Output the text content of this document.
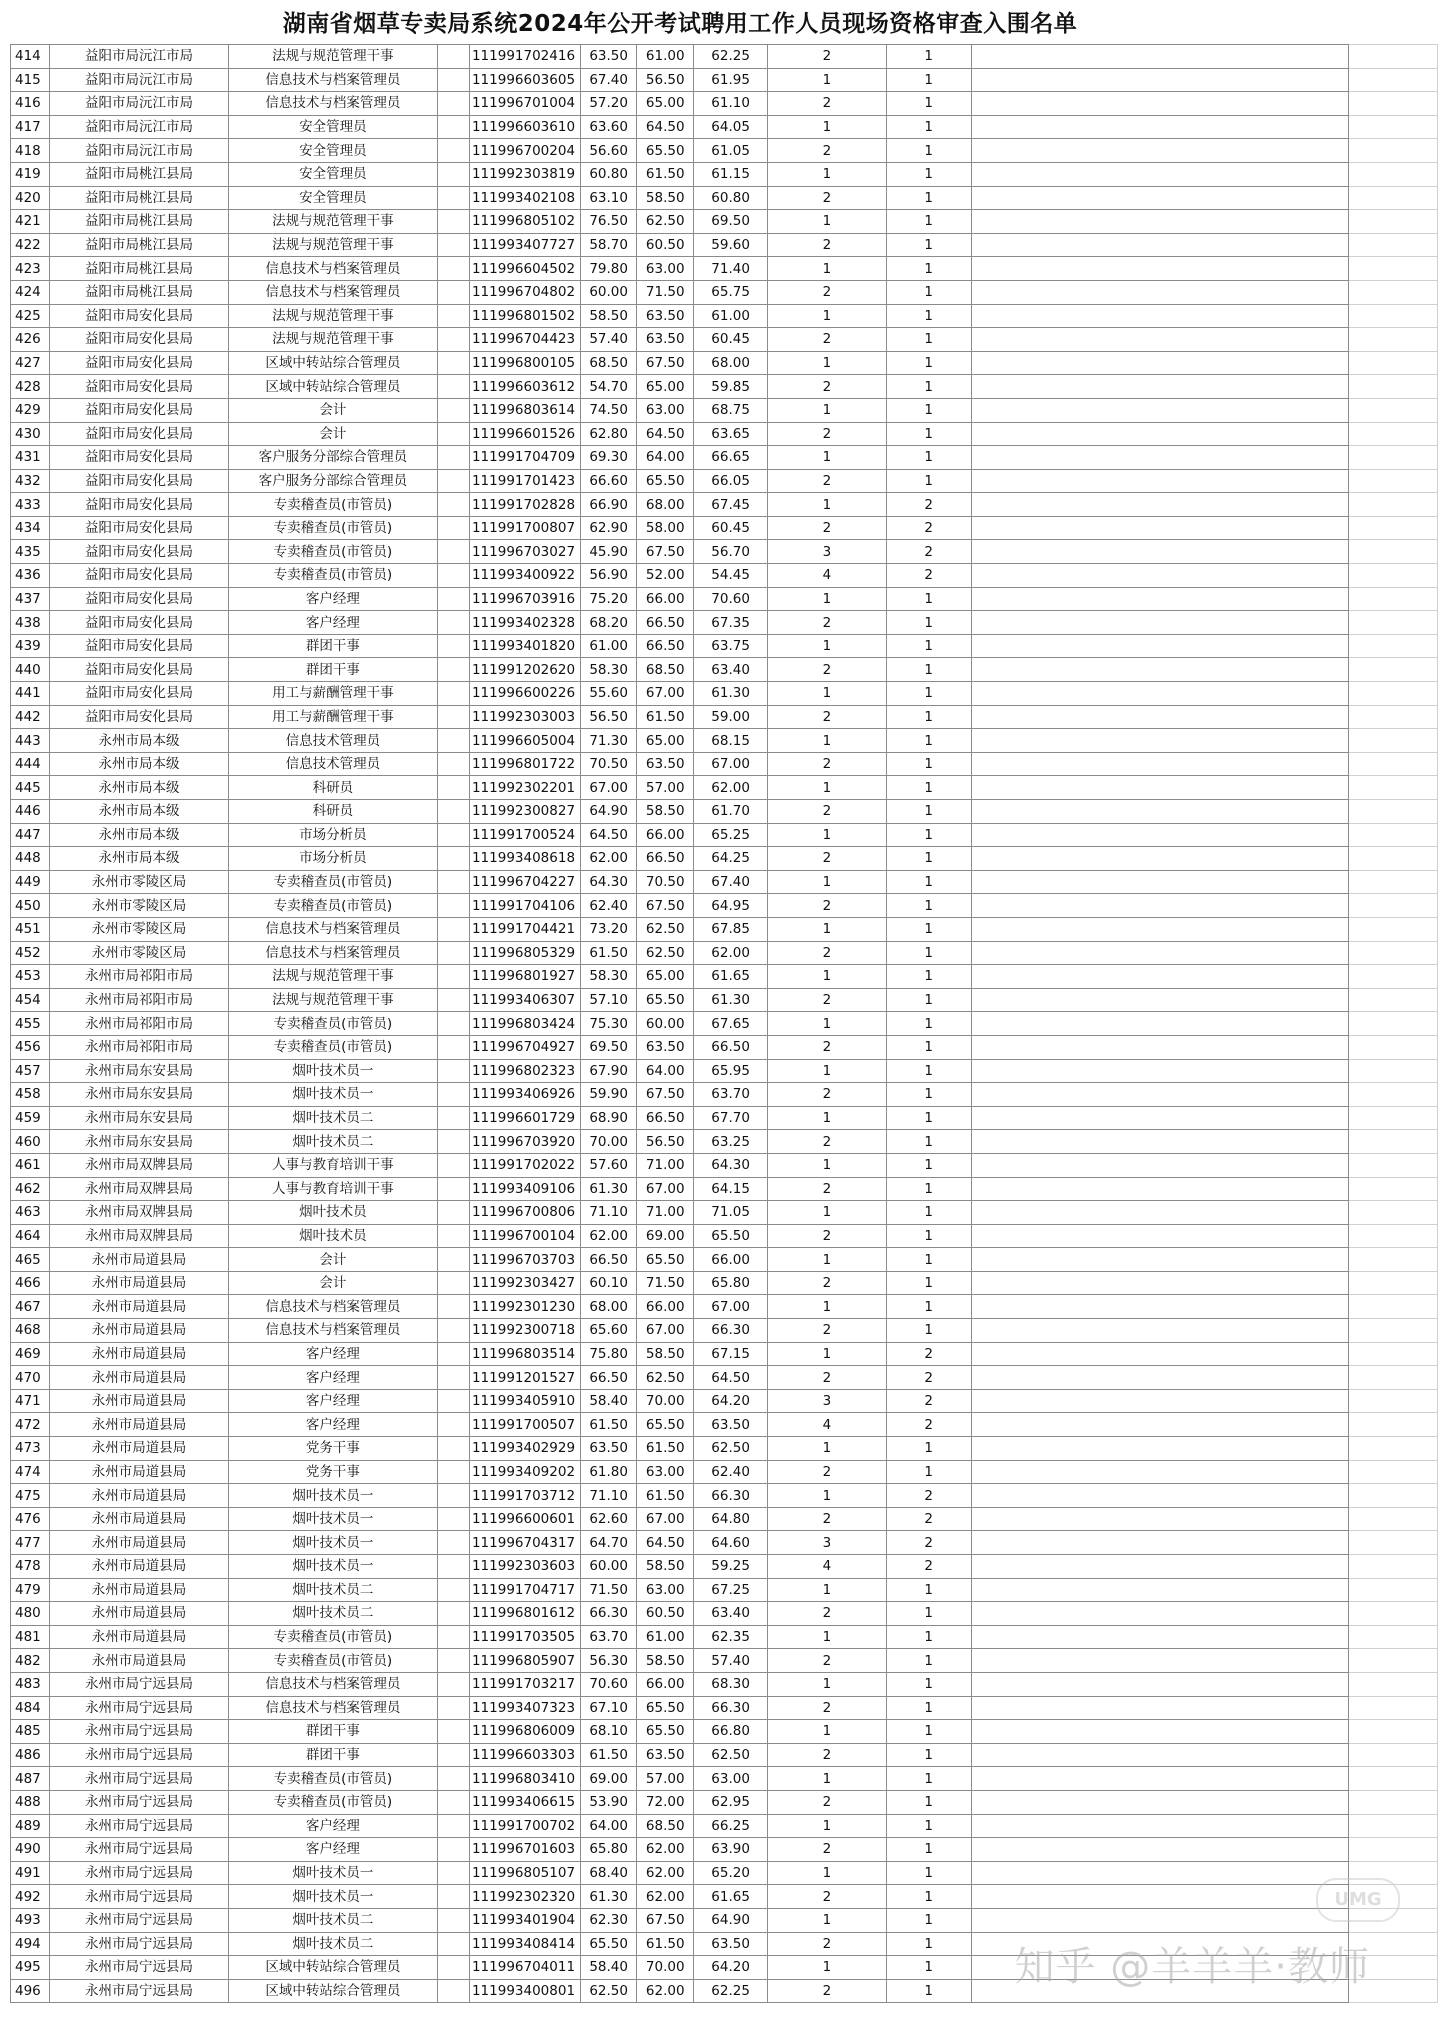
湖南省烟草专卖局系统2024年公开考试聘用工作人员现场资格审查入围名单
414	益阳市局沅江市局	法规与规范管理干事		111991702416	63.50	61.00	62.25	2	1		
415	益阳市局沅江市局	信息技术与档案管理员		111996603605	67.40	56.50	61.95	1	1		
416	益阳市局沅江市局	信息技术与档案管理员		111996701004	57.20	65.00	61.10	2	1		
417	益阳市局沅江市局	安全管理员		111996603610	63.60	64.50	64.05	1	1		
418	益阳市局沅江市局	安全管理员		111996700204	56.60	65.50	61.05	2	1		
419	益阳市局桃江县局	安全管理员		111992303819	60.80	61.50	61.15	1	1		
420	益阳市局桃江县局	安全管理员		111993402108	63.10	58.50	60.80	2	1		
421	益阳市局桃江县局	法规与规范管理干事		111996805102	76.50	62.50	69.50	1	1		
422	益阳市局桃江县局	法规与规范管理干事		111993407727	58.70	60.50	59.60	2	1		
423	益阳市局桃江县局	信息技术与档案管理员		111996604502	79.80	63.00	71.40	1	1		
424	益阳市局桃江县局	信息技术与档案管理员		111996704802	60.00	71.50	65.75	2	1		
425	益阳市局安化县局	法规与规范管理干事		111996801502	58.50	63.50	61.00	1	1		
426	益阳市局安化县局	法规与规范管理干事		111996704423	57.40	63.50	60.45	2	1		
427	益阳市局安化县局	区域中转站综合管理员		111996800105	68.50	67.50	68.00	1	1		
428	益阳市局安化县局	区域中转站综合管理员		111996603612	54.70	65.00	59.85	2	1		
429	益阳市局安化县局	会计		111996803614	74.50	63.00	68.75	1	1		
430	益阳市局安化县局	会计		111996601526	62.80	64.50	63.65	2	1		
431	益阳市局安化县局	客户服务分部综合管理员		111991704709	69.30	64.00	66.65	1	1		
432	益阳市局安化县局	客户服务分部综合管理员		111991701423	66.60	65.50	66.05	2	1		
433	益阳市局安化县局	专卖稽查员(市管员)		111991702828	66.90	68.00	67.45	1	2		
434	益阳市局安化县局	专卖稽查员(市管员)		111991700807	62.90	58.00	60.45	2	2		
435	益阳市局安化县局	专卖稽查员(市管员)		111996703027	45.90	67.50	56.70	3	2		
436	益阳市局安化县局	专卖稽查员(市管员)		111993400922	56.90	52.00	54.45	4	2		
437	益阳市局安化县局	客户经理		111996703916	75.20	66.00	70.60	1	1		
438	益阳市局安化县局	客户经理		111993402328	68.20	66.50	67.35	2	1		
439	益阳市局安化县局	群团干事		111993401820	61.00	66.50	63.75	1	1		
440	益阳市局安化县局	群团干事		111991202620	58.30	68.50	63.40	2	1		
441	益阳市局安化县局	用工与薪酬管理干事		111996600226	55.60	67.00	61.30	1	1		
442	益阳市局安化县局	用工与薪酬管理干事		111992303003	56.50	61.50	59.00	2	1		
443	永州市局本级	信息技术管理员		111996605004	71.30	65.00	68.15	1	1		
444	永州市局本级	信息技术管理员		111996801722	70.50	63.50	67.00	2	1		
445	永州市局本级	科研员		111992302201	67.00	57.00	62.00	1	1		
446	永州市局本级	科研员		111992300827	64.90	58.50	61.70	2	1		
447	永州市局本级	市场分析员		111991700524	64.50	66.00	65.25	1	1		
448	永州市局本级	市场分析员		111993408618	62.00	66.50	64.25	2	1		
449	永州市零陵区局	专卖稽查员(市管员)		111996704227	64.30	70.50	67.40	1	1		
450	永州市零陵区局	专卖稽查员(市管员)		111991704106	62.40	67.50	64.95	2	1		
451	永州市零陵区局	信息技术与档案管理员		111991704421	73.20	62.50	67.85	1	1		
452	永州市零陵区局	信息技术与档案管理员		111996805329	61.50	62.50	62.00	2	1		
453	永州市局祁阳市局	法规与规范管理干事		111996801927	58.30	65.00	61.65	1	1		
454	永州市局祁阳市局	法规与规范管理干事		111993406307	57.10	65.50	61.30	2	1		
455	永州市局祁阳市局	专卖稽查员(市管员)		111996803424	75.30	60.00	67.65	1	1		
456	永州市局祁阳市局	专卖稽查员(市管员)		111996704927	69.50	63.50	66.50	2	1		
457	永州市局东安县局	烟叶技术员一		111996802323	67.90	64.00	65.95	1	1		
458	永州市局东安县局	烟叶技术员一		111993406926	59.90	67.50	63.70	2	1		
459	永州市局东安县局	烟叶技术员二		111996601729	68.90	66.50	67.70	1	1		
460	永州市局东安县局	烟叶技术员二		111996703920	70.00	56.50	63.25	2	1		
461	永州市局双牌县局	人事与教育培训干事		111991702022	57.60	71.00	64.30	1	1		
462	永州市局双牌县局	人事与教育培训干事		111993409106	61.30	67.00	64.15	2	1		
463	永州市局双牌县局	烟叶技术员		111996700806	71.10	71.00	71.05	1	1		
464	永州市局双牌县局	烟叶技术员		111996700104	62.00	69.00	65.50	2	1		
465	永州市局道县局	会计		111996703703	66.50	65.50	66.00	1	1		
466	永州市局道县局	会计		111992303427	60.10	71.50	65.80	2	1		
467	永州市局道县局	信息技术与档案管理员		111992301230	68.00	66.00	67.00	1	1		
468	永州市局道县局	信息技术与档案管理员		111992300718	65.60	67.00	66.30	2	1		
469	永州市局道县局	客户经理		111996803514	75.80	58.50	67.15	1	2		
470	永州市局道县局	客户经理		111991201527	66.50	62.50	64.50	2	2		
471	永州市局道县局	客户经理		111993405910	58.40	70.00	64.20	3	2		
472	永州市局道县局	客户经理		111991700507	61.50	65.50	63.50	4	2		
473	永州市局道县局	党务干事		111993402929	63.50	61.50	62.50	1	1		
474	永州市局道县局	党务干事		111993409202	61.80	63.00	62.40	2	1		
475	永州市局道县局	烟叶技术员一		111991703712	71.10	61.50	66.30	1	2		
476	永州市局道县局	烟叶技术员一		111996600601	62.60	67.00	64.80	2	2		
477	永州市局道县局	烟叶技术员一		111996704317	64.70	64.50	64.60	3	2		
478	永州市局道县局	烟叶技术员一		111992303603	60.00	58.50	59.25	4	2		
479	永州市局道县局	烟叶技术员二		111991704717	71.50	63.00	67.25	1	1		
480	永州市局道县局	烟叶技术员二		111996801612	66.30	60.50	63.40	2	1		
481	永州市局道县局	专卖稽查员(市管员)		111991703505	63.70	61.00	62.35	1	1		
482	永州市局道县局	专卖稽查员(市管员)		111996805907	56.30	58.50	57.40	2	1		
483	永州市局宁远县局	信息技术与档案管理员		111991703217	70.60	66.00	68.30	1	1		
484	永州市局宁远县局	信息技术与档案管理员		111993407323	67.10	65.50	66.30	2	1		
485	永州市局宁远县局	群团干事		111996806009	68.10	65.50	66.80	1	1		
486	永州市局宁远县局	群团干事		111996603303	61.50	63.50	62.50	2	1		
487	永州市局宁远县局	专卖稽查员(市管员)		111996803410	69.00	57.00	63.00	1	1		
488	永州市局宁远县局	专卖稽查员(市管员)		111993406615	53.90	72.00	62.95	2	1		
489	永州市局宁远县局	客户经理		111991700702	64.00	68.50	66.25	1	1		
490	永州市局宁远县局	客户经理		111996701603	65.80	62.00	63.90	2	1		
491	永州市局宁远县局	烟叶技术员一		111996805107	68.40	62.00	65.20	1	1		
492	永州市局宁远县局	烟叶技术员一		111992302320	61.30	62.00	61.65	2	1		
493	永州市局宁远县局	烟叶技术员二		111993401904	62.30	67.50	64.90	1	1		
494	永州市局宁远县局	烟叶技术员二		111993408414	65.50	61.50	63.50	2	1		
495	永州市局宁远县局	区域中转站综合管理员		111996704011	58.40	70.00	64.20	1	1		
496	永州市局宁远县局	区域中转站综合管理员		111993400801	62.50	62.00	62.25	2	1		
UMG
知乎 @羊羊羊·教师
